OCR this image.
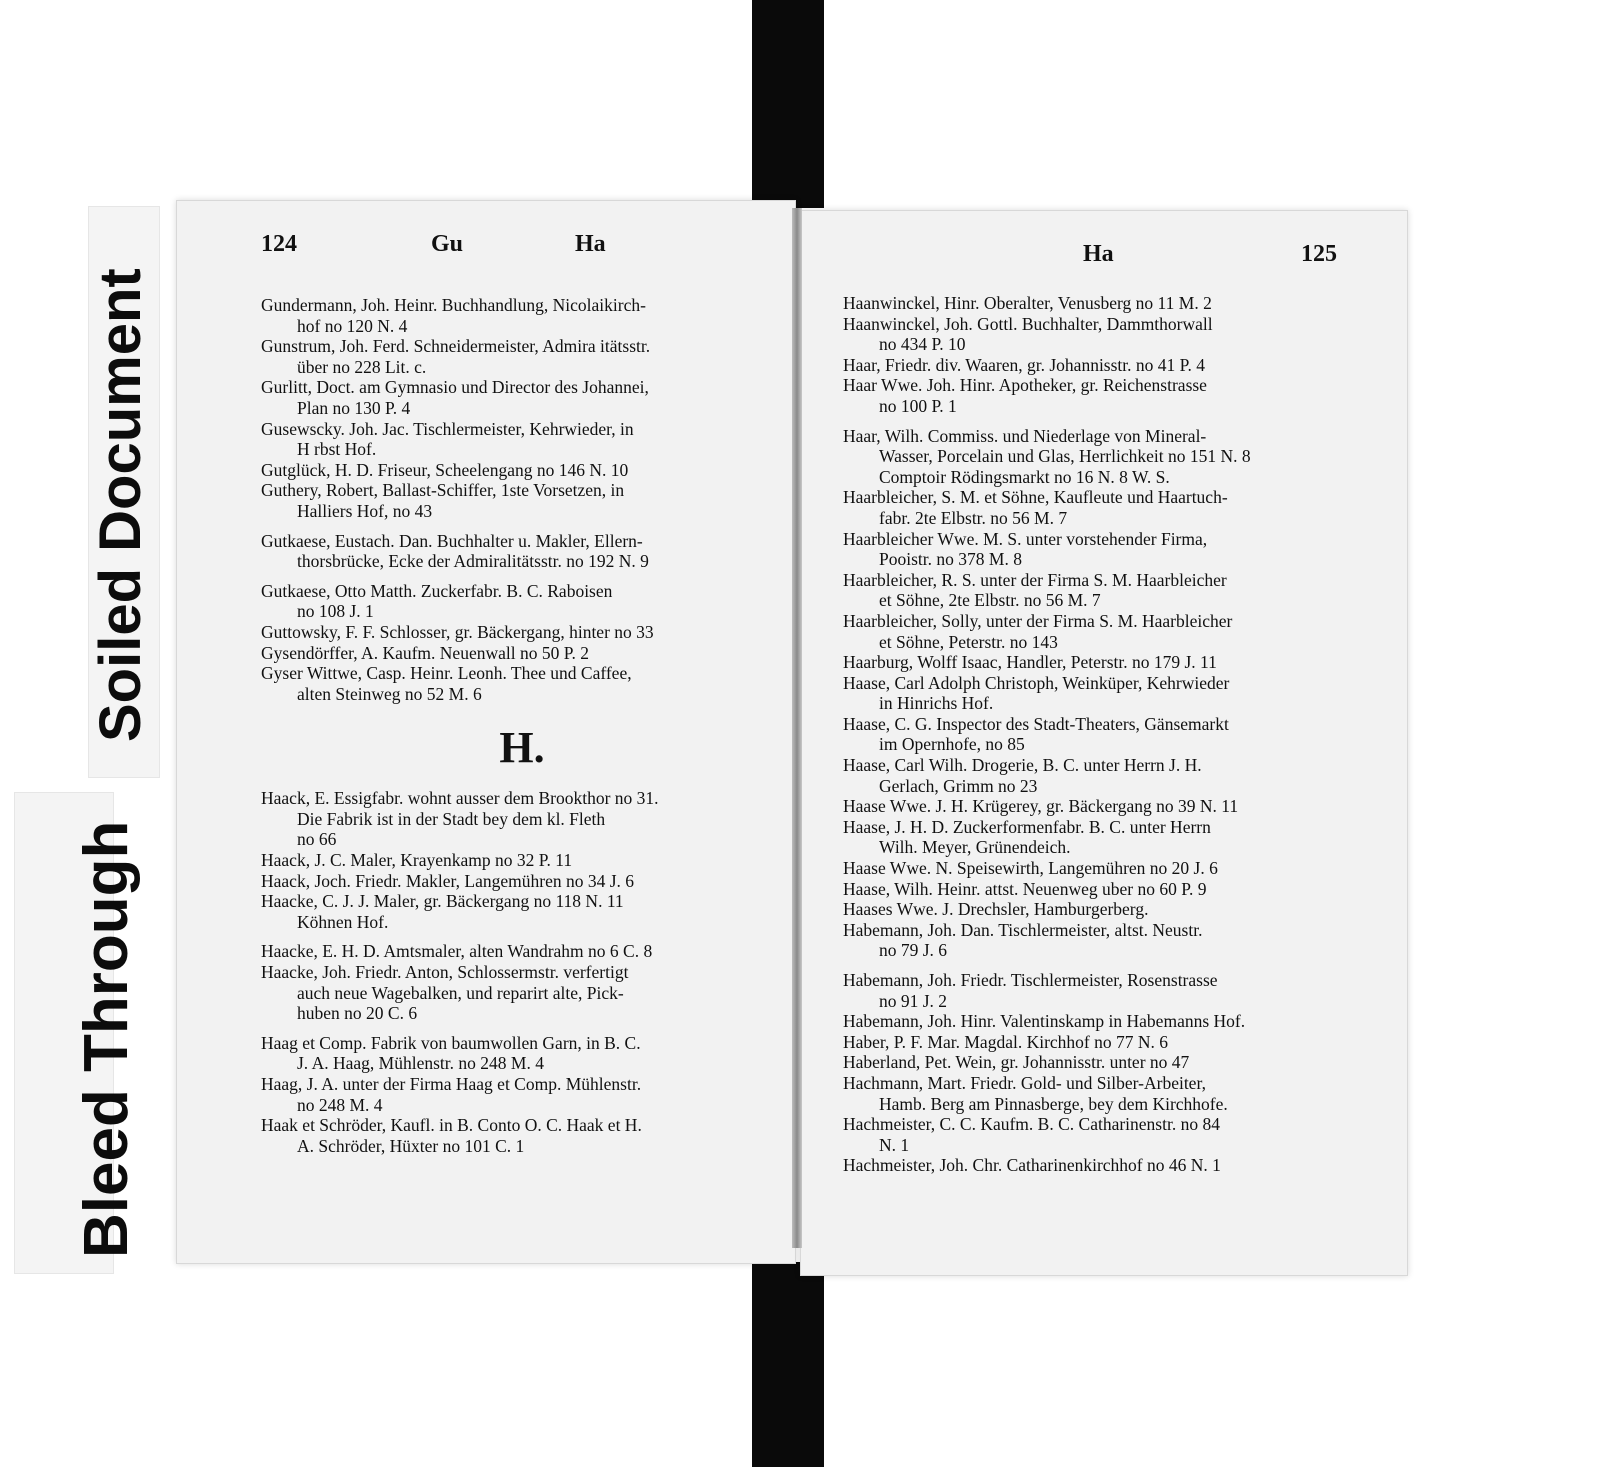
Soiled Document
Bleed Through
124	Gu	Ha
Gundermann, Joh. Heinr. Buchhandlung, Nicolaikirch-
hof no 120 N. 4
Gunstrum, Joh. Ferd. Schneidermeister, Admira itätsstr.
über no 228 Lit. c.
Gurlitt, Doct. am Gymnasio und Director des Johannei,
Plan no 130 P. 4
Gusewscky. Joh. Jac. Tischlermeister, Kehrwieder, in
H rbst Hof.
Gutglück, H. D. Friseur, Scheelengang no 146 N. 10
Guthery, Robert, Ballast-Schiffer, 1ste Vorsetzen, in
Halliers Hof, no 43
Gutkaese, Eustach. Dan. Buchhalter u. Makler, Ellern-
thorsbrücke, Ecke der Admiralitätsstr. no 192 N. 9
Gutkaese, Otto Matth. Zuckerfabr. B. C. Raboisen
no 108 J. 1
Guttowsky, F. F. Schlosser, gr. Bäckergang, hinter no 33
Gysendörffer, A. Kaufm. Neuenwall no 50 P. 2
Gyser Wittwe, Casp. Heinr. Leonh. Thee und Caffee,
alten Steinweg no 52 M. 6
H.
Haack, E. Essigfabr. wohnt ausser dem Brookthor no 31.
Die Fabrik ist in der Stadt bey dem kl. Fleth
no 66
Haack, J. C. Maler, Krayenkamp no 32 P. 11
Haack, Joch. Friedr. Makler, Langemühren no 34 J. 6
Haacke, C. J. J. Maler, gr. Bäckergang no 118 N. 11
Köhnen Hof.
Haacke, E. H. D. Amtsmaler, alten Wandrahm no 6 C. 8
Haacke, Joh. Friedr. Anton, Schlossermstr. verfertigt
auch neue Wagebalken, und reparirt alte, Pick-
huben no 20 C. 6
Haag et Comp. Fabrik von baumwollen Garn, in B. C.
J. A. Haag, Mühlenstr. no 248 M. 4
Haag, J. A. unter der Firma Haag et Comp. Mühlenstr.
no 248 M. 4
Haak et Schröder, Kaufl. in B. Conto O. C. Haak et H.
A. Schröder, Hüxter no 101 C. 1
Ha	125
Haanwinckel, Hinr. Oberalter, Venusberg no 11 M. 2
Haanwinckel, Joh. Gottl. Buchhalter, Dammthorwall
no 434 P. 10
Haar, Friedr. div. Waaren, gr. Johannisstr. no 41 P. 4
Haar Wwe. Joh. Hinr. Apotheker, gr. Reichenstrasse
no 100 P. 1
Haar, Wilh. Commiss. und Niederlage von Mineral-
Wasser, Porcelain und Glas, Herrlichkeit no 151 N. 8
Comptoir Rödingsmarkt no 16 N. 8 W. S.
Haarbleicher, S. M. et Söhne, Kaufleute und Haartuch-
fabr. 2te Elbstr. no 56 M. 7
Haarbleicher Wwe. M. S. unter vorstehender Firma,
Pooistr. no 378 M. 8
Haarbleicher, R. S. unter der Firma S. M. Haarbleicher
et Söhne, 2te Elbstr. no 56 M. 7
Haarbleicher, Solly, unter der Firma S. M. Haarbleicher
et Söhne, Peterstr. no 143
Haarburg, Wolff Isaac, Handler, Peterstr. no 179 J. 11
Haase, Carl Adolph Christoph, Weinküper, Kehrwieder
in Hinrichs Hof.
Haase, C. G. Inspector des Stadt-Theaters, Gänsemarkt
im Opernhofe, no 85
Haase, Carl Wilh. Drogerie, B. C. unter Herrn J. H.
Gerlach, Grimm no 23
Haase Wwe. J. H. Krügerey, gr. Bäckergang no 39 N. 11
Haase, J. H. D. Zuckerformenfabr. B. C. unter Herrn
Wilh. Meyer, Grünendeich.
Haase Wwe. N. Speisewirth, Langemühren no 20 J. 6
Haase, Wilh. Heinr. attst. Neuenweg uber no 60 P. 9
Haases Wwe. J. Drechsler, Hamburgerberg.
Habemann, Joh. Dan. Tischlermeister, altst. Neustr.
no 79 J. 6
Habemann, Joh. Friedr. Tischlermeister, Rosenstrasse
no 91 J. 2
Habemann, Joh. Hinr. Valentinskamp in Habemanns Hof.
Haber, P. F. Mar. Magdal. Kirchhof no 77 N. 6
Haberland, Pet. Wein, gr. Johannisstr. unter no 47
Hachmann, Mart. Friedr. Gold- und Silber-Arbeiter,
Hamb. Berg am Pinnasberge, bey dem Kirchhofe.
Hachmeister, C. C. Kaufm. B. C. Catharinenstr. no 84
N. 1
Hachmeister, Joh. Chr. Catharinenkirchhof no 46 N. 1
